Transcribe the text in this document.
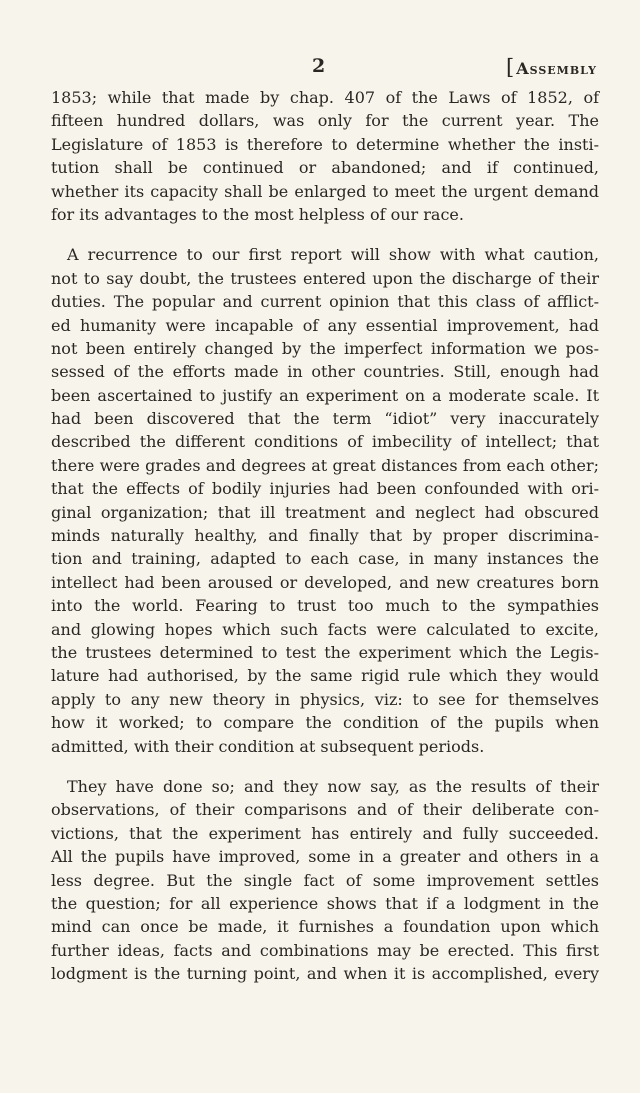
2	[Assembly
1853; while that made by chap. 407 of the Laws of 1852, of
fifteen hundred dollars, was only for the current year. The
Legislature of 1853 is therefore to determine whether the insti-
tution shall be continued or abandoned; and if continued,
whether its capacity shall be enlarged to meet the urgent demand
for its advantages to the most helpless of our race.
A recurrence to our first report will show with what caution,
not to say doubt, the trustees entered upon the discharge of their
duties. The popular and current opinion that this class of afflict-
ed humanity were incapable of any essential improvement, had
not been entirely changed by the imperfect information we pos-
sessed of the efforts made in other countries. Still, enough had
been ascertained to justify an experiment on a moderate scale. It
had been discovered that the term “idiot” very inaccurately
described the different conditions of imbecility of intellect; that
there were grades and degrees at great distances from each other;
that the effects of bodily injuries had been confounded with ori-
ginal organization; that ill treatment and neglect had obscured
minds naturally healthy, and finally that by proper discrimina-
tion and training, adapted to each case, in many instances the
intellect had been aroused or developed, and new creatures born
into the world. Fearing to trust too much to the sympathies
and glowing hopes which such facts were calculated to excite,
the trustees determined to test the experiment which the Legis-
lature had authorised, by the same rigid rule which they would
apply to any new theory in physics, viz: to see for themselves
how it worked; to compare the condition of the pupils when
admitted, with their condition at subsequent periods.
They have done so; and they now say, as the results of their
observations, of their comparisons and of their deliberate con-
victions, that the experiment has entirely and fully succeeded.
All the pupils have improved, some in a greater and others in a
less degree. But the single fact of some improvement settles
the question; for all experience shows that if a lodgment in the
mind can once be made, it furnishes a foundation upon which
further ideas, facts and combinations may be erected. This first
lodgment is the turning point, and when it is accomplished, every
